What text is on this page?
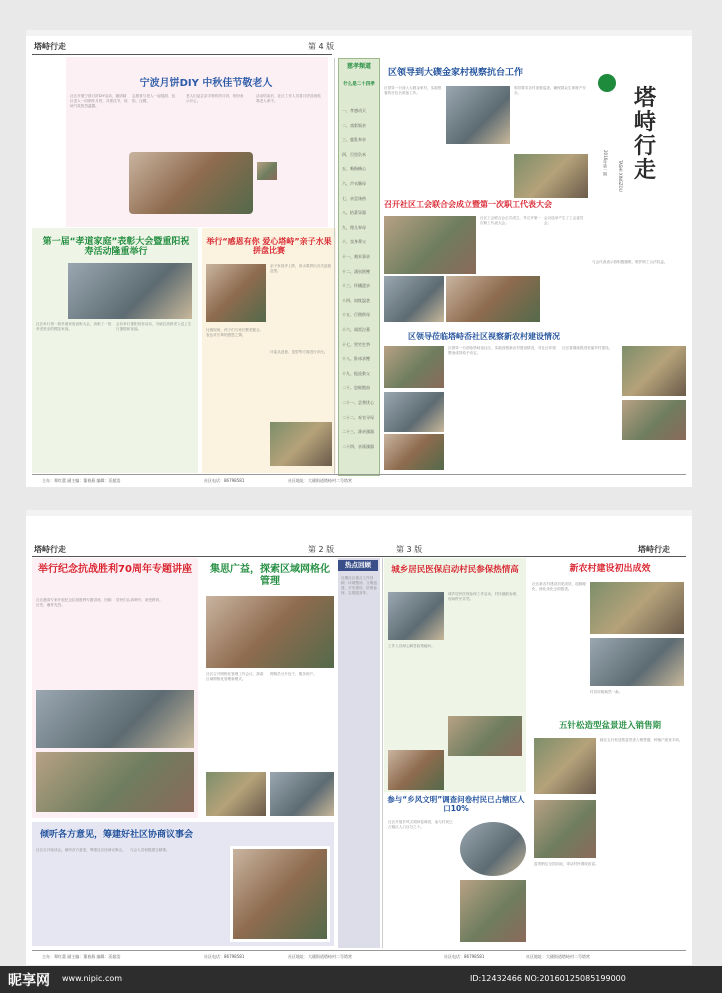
塔峙行走	第 4 版
宁波月饼DIY 中秋佳节敬老人
社区开展宁波月饼DIY活动，邀请辖区老人一同制作月饼，共度佳节，现场气氛热烈温馨。
志愿者与老人一起揉面、包馅、压模。
老人们品尝亲手制作的月饼，纷纷表示开心。
活动结束后，社区工作人员将月饼送到孤寡老人家中。
第一届“孝道家庭”表彰大会暨重阳祝寿活动隆重举行
社区举行第一届孝道家庭表彰大会，表彰了一批孝老爱亲的模范家庭。
会后举行重阳祝寿活动，为辖区高龄老人送上生日蛋糕和祝福。
举行“感恩有你 爱心塔峙”亲子水果拼盘比赛
亲子家庭齐上阵，用水果拼出各式创意造型。
比赛现场，孩子们与家长默契配合，表达对长辈的感恩之情。
评委从创意、造型等方面进行评比。
慈孝频道
什么是二十四孝
一、孝感动天
二、戏彩娱亲
三、鹿乳奉亲
四、百里负米
五、啮指痛心
六、芦衣顺母
七、亲尝汤药
八、拾葚异器
九、埋儿奉母
十、卖身葬父
十一、刻木事亲
十二、涌泉跃鲤
十三、怀橘遗亲
十四、扇枕温衾
十五、行佣供母
十六、闻雷泣墓
十七、哭竹生笋
十八、卧冰求鲤
十九、扼虎救父
二十、恣蚊饱血
二十一、尝粪忧心
二十二、弃官寻母
二十三、涤亲溺器
二十四、亲涤溺器
区领导到大碶金家村视察抗台工作
区领导一行深入大碶金家村，实地察看防台抗台准备工作。
领导要求各村加强巡查，确保群众生命财产安全。	塔峙行走
TASHI XINGZOU
2016年第一期
召开社区工会联合会成立暨第一次职工代表大会
社区工会联合会正式成立，并召开第一次职工代表大会。
会议选举产生了工会委员会。
与会代表表示将积极履职，维护职工合法权益。
区领导莅临塔峙岙社区视察新农村建设情况
区领导一行莅临塔峙岙社区，实地视察新农村建设情况，对社区环境整治成效给予肯定。
社区将继续推进美丽乡村建设。
主办：郑红蕾 副主编：董春燕 编辑：沃超浩	社区电话：86798581	社区地址：大碶街道塔峙村二号塔营
塔峙行走	第 2 版	第 3 版	塔峙行走
举行纪念抗战胜利70周年专题讲座
社区邀请专家开展纪念抗战胜利专题讲座，回顾历史，缅怀先烈。
居民们认真聆听，深受教育。
集思广益，探索区域网格化管理
社区召开网格化管理工作会议，探索区域网格化管理新模式。
网格员分片包干，服务到户。
热点回顾
近期社区重点工作回顾：环境整治、文明创建、平安建设、医保参保、志愿服务等。
城乡居民医保启动村民参保热情高
城乡居民医保参保工作启动，村民踊跃参保，现场秩序井然。
工作人员耐心解答政策疑问。
新农村建设初出成效
社区新农村建设初见成效，道路硬化、绿化美化全面推进。
村容村貌焕然一新。
五针松造型盆景进入销售期
辖区五针松造型盆景进入销售期，种植户迎来丰收。
盆景销往全国各地，带动村民增收致富。
倾听各方意见，筹建好社区协商议事会
社区召开座谈会，倾听各方意见，筹建社区协商议事会。 与会人员积极建言献策。
参与“乡风文明”调查问卷村民已占辖区人口10%
社区开展乡风文明问卷调查，参与村民已占辖区人口百分之十。
主办：郑红蕾 副主编：董春燕 编辑：沃超浩	社区电话：86798581	社区地址：大碶街道塔峙村二号塔营	社区电话：86798581	社区地址：大碶街道塔峙村二号塔营
昵享网 www.nipic.com	ID:12432466 NO:20160125085199000
